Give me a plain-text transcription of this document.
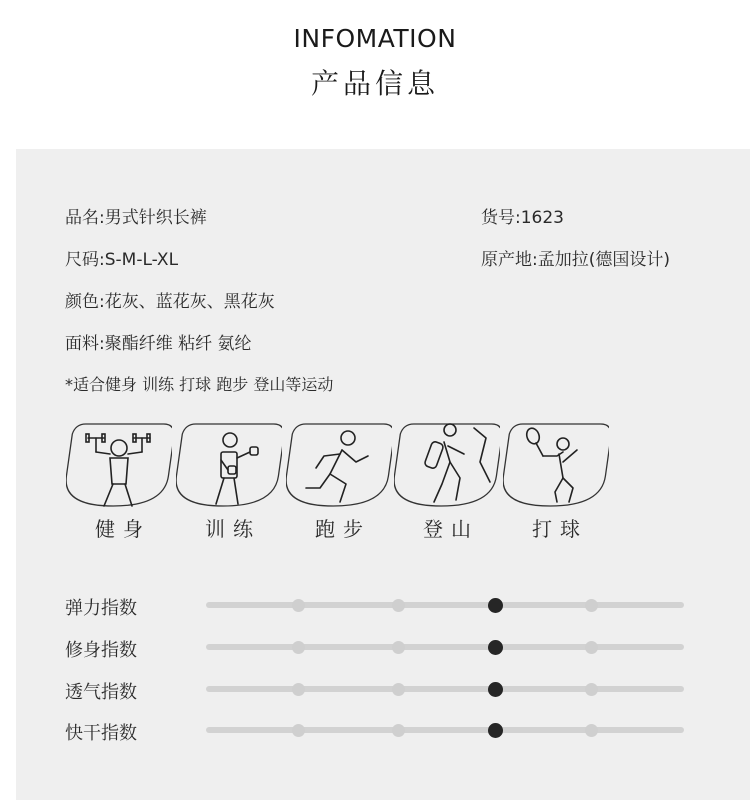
INFOMATION
产品信息
品名:男式针织长裤	货号:1623
尺码:S-M-L-XL	原产地:孟加拉(德国设计)
颜色:花灰、蓝花灰、黑花灰
面料:聚酯纤维 粘纤 氨纶
*适合健身 训练 打球 跑步 登山等运动
健身	训练	跑步	登山	打球
弹力指数
修身指数
透气指数
快干指数
